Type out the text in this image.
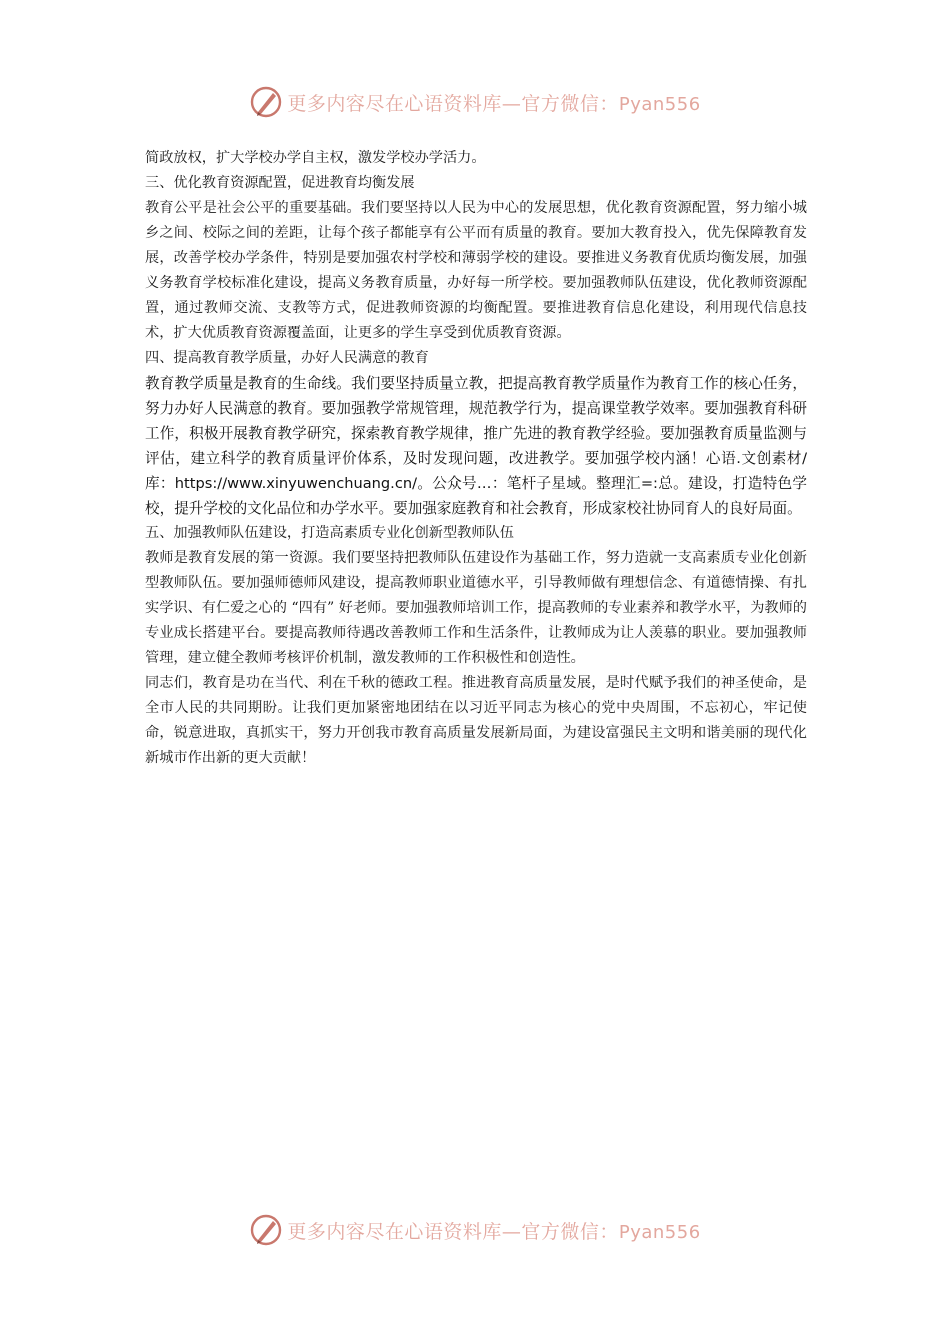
更多内容尽在心语资料库—官方微信：Pyan556

简政放权，扩大学校办学自主权，激发学校办学活力。

三、优化教育资源配置，促进教育均衡发展

教育公平是社会公平的重要基础。我们要坚持以人民为中心的发展思想，优化教育资源配置，努力缩小城乡之间、校际之间的差距，让每个孩子都能享有公平而有质量的教育。要加大教育投入，优先保障教育发展，改善学校办学条件，特别是要加强农村学校和薄弱学校的建设。要推进义务教育优质均衡发展，加强义务教育学校标准化建设，提高义务教育质量，办好每一所学校。要加强教师队伍建设，优化教师资源配置，通过教师交流、支教等方式，促进教师资源的均衡配置。要推进教育信息化建设，利用现代信息技术，扩大优质教育资源覆盖面，让更多的学生享受到优质教育资源。

四、提高教育教学质量，办好人民满意的教育

教育教学质量是教育的生命线。我们要坚持质量立教，把提高教育教学质量作为教育工作的核心任务，努力办好人民满意的教育。要加强教学常规管理，规范教学行为，提高课堂教学效率。要加强教育科研工作，积极开展教育教学研究，探索教育教学规律，推广先进的教育教学经验。要加强教育质量监测与评估，建立科学的教育质量评价体系，及时发现问题，改进教学。要加强学校内涵！心语.文创素材/库：https://www.xinyuwenchuang.cn/。公众号…：笔杆子星域。整理汇=:总。建设，打造特色学校，提升学校的文化品位和办学水平。要加强家庭教育和社会教育，形成家校社协同育人的良好局面。

五、加强教师队伍建设，打造高素质专业化创新型教师队伍

教师是教育发展的第一资源。我们要坚持把教师队伍建设作为基础工作，努力造就一支高素质专业化创新型教师队伍。要加强师德师风建设，提高教师职业道德水平，引导教师做有理想信念、有道德情操、有扎实学识、有仁爱之心的 “四有” 好老师。要加强教师培训工作，提高教师的专业素养和教学水平，为教师的专业成长搭建平台。要提高教师待遇改善教师工作和生活条件，让教师成为让人羡慕的职业。要加强教师管理，建立健全教师考核评价机制，激发教师的工作积极性和创造性。

同志们，教育是功在当代、利在千秋的德政工程。推进教育高质量发展，是时代赋予我们的神圣使命，是全市人民的共同期盼。让我们更加紧密地团结在以习近平同志为核心的党中央周围，不忘初心，牢记使命，锐意进取，真抓实干，努力开创我市教育高质量发展新局面，为建设富强民主文明和谐美丽的现代化新城市作出新的更大贡献！

更多内容尽在心语资料库—官方微信：Pyan556
